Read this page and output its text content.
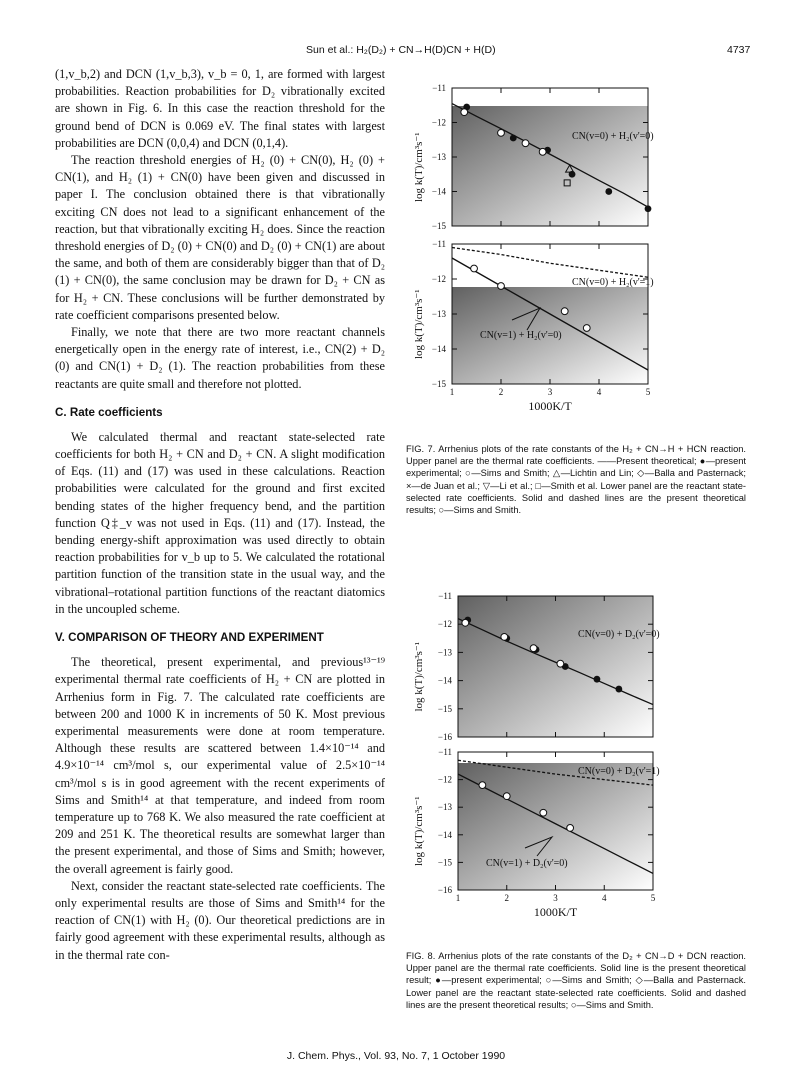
Sun et al.: H₂(D₂) + CN→H(D)CN + H(D)	4737

(1,v_b,2) and DCN (1,v_b,3), v_b = 0, 1, are formed with largest probabilities. Reaction probabilities for D₂ vibrationally excited are shown in Fig. 6. In this case the reaction threshold for the ground bend of DCN is 0.069 eV. The final states with largest probabilities are DCN (0,0,4) and DCN (0,1,4).

The reaction threshold energies of H₂ (0) + CN(0), H₂ (0) + CN(1), and H₂ (1) + CN(0) have been given and discussed in paper I. The conclusion obtained there is that vibrationally exciting CN does not lead to a significant enhancement of the reaction, but that vibrationally exciting H₂ does. Since the reaction threshold energies of D₂ (0) + CN(0) and D₂ (0) + CN(1) are about the same, and both of them are considerably bigger than that of D₂ (1) + CN(0), the same conclusion may be drawn for D₂ + CN as for H₂ + CN. These conclusions will be further demonstrated by rate coefficient comparisons presented below.

Finally, we note that there are two more reactant channels energetically open in the energy rate of interest, i.e., CN(2) + D₂ (0) and CN(1) + D₂ (1). The reaction probabilities from these reactants are quite small and therefore not plotted.

C. Rate coefficients

We calculated thermal and reactant state-selected rate coefficients for both H₂ + CN and D₂ + CN. A slight modification of Eqs. (11) and (17) was used in these calculations. Reaction probabilities were calculated for the ground and first excited bending states of the higher frequency bend, and the partition function Q‡_v was not used in Eqs. (11) and (17). Instead, the bending energy-shift approximation was used directly to obtain reaction probabilities for v_b up to 5. We calculated the rotational partition function of the transition state in the usual way, and the vibrational–rotational partition functions of the reactant diatomics in the uncoupled scheme.

V. COMPARISON OF THEORY AND EXPERIMENT

The theoretical, present experimental, and previous¹³⁻¹⁹ experimental thermal rate coefficients of H₂ + CN are plotted in Arrhenius form in Fig. 7. The calculated rate coefficients are between 200 and 1000 K in increments of 50 K. Most previous experimental measurements were done at room temperature. Although these results are scattered between 1.4×10⁻¹⁴ and 4.9×10⁻¹⁴ cm³/mol s, our experimental value of 2.5×10⁻¹⁴ cm³/mol s is in good agreement with the recent experiments of Sims and Smith¹⁴ at that temperature, and indeed from room temperature up to 768 K. We also measured the rate coefficient at 209 and 251 K. The theoretical results are somewhat larger than the present experimental, and those of Sims and Smith; however, the overall agreement is fairly good.

Next, consider the reactant state-selected rate coefficients. The only experimental results are those of Sims and Smith¹⁴ for the reaction of CN(1) with H₂ (0). Our theoretical predictions are in fairly good agreement with these experimental results, although as in the thermal rate con-

−11
−12
−13
−14
−15
CN(v=0) + H₂(v'=0)
log k(T)/cm³s⁻¹
−11
−12
−13
−14
−15
1	2	3	4	5
CN(v=0) + H₂(v'=1)
CN(v=1) + H₂(v'=0)
log k(T)/cm³s⁻¹
1000K/T
FIG. 7. Arrhenius plots of the rate constants of the H₂ + CN→H + HCN reaction. Upper panel are the thermal rate coefficients. ——Present theoretical; ●—present experimental; ○—Sims and Smith; △—Lichtin and Lin; ◇—Balla and Pasternack; ×—de Juan et al.; ▽—Li et al.; □—Smith et al. Lower panel are the reactant state-selected rate coefficients. Solid and dashed lines are the present theoretical results; ○—Sims and Smith.
−11
−12
−13
−14
−15
−16
CN(v=0) + D₂(v'=0)
log k(T)/cm³s⁻¹
−11
−12
−13
−14
−15
−16
1	2	3	4	5
CN(v=0) + D₂(v'=1)
CN(v=1) + D₂(v'=0)
log k(T)/cm³s⁻¹
1000K/T
FIG. 8. Arrhenius plots of the rate constants of the D₂ + CN→D + DCN reaction. Upper panel are the thermal rate coefficients. Solid line is the present theoretical result; ●—present experimental; ○—Sims and Smith; ◇—Balla and Pasternack. Lower panel are the reactant state-selected rate coefficients. Solid and dashed lines are the present theoretical results; ○—Sims and Smith.
J. Chem. Phys., Vol. 93, No. 7, 1 October 1990
